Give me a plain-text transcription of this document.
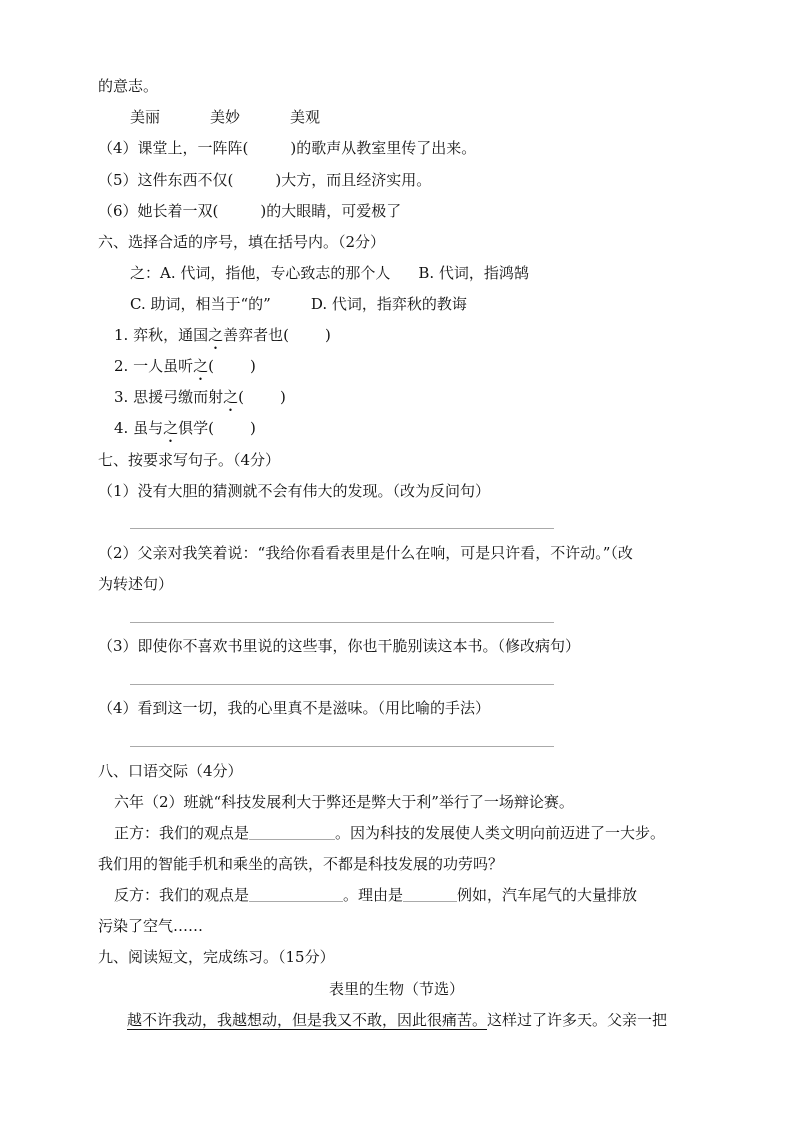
的意志。
美丽	美妙	美观
（4）课堂上，一阵阵(	)的歌声从教室里传了出来。
（5）这件东西不仅(	)大方，而且经济实用。
（6）她长着一双(	)的大眼睛，可爱极了
六、选择合适的序号，填在括号内。（2分）
之：A. 代词，指他，专心致志的那个人 B. 代词，指鸿鹄
C. 助词，相当于“的”	D. 代词，指弈秋的教诲
1. 弈秋，通国之善弈者也( )
2. 一人虽听之( )
3. 思援弓缴而射之( )
4. 虽与之俱学( )
七、按要求写句子。（4分）
（1）没有大胆的猜测就不会有伟大的发现。（改为反问句）
（2）父亲对我笑着说：“我给你看看表里是什么在响，可是只许看，不许动。”（改
为转述句）
（3）即使你不喜欢书里说的这些事，你也干脆别读这本书。（修改病句）
（4）看到这一切，我的心里真不是滋味。（用比喻的手法）
八、口语交际（4分）
六年（2）班就“科技发展利大于弊还是弊大于利”举行了一场辩论赛。
正方：我们的观点是	。因为科技的发展使人类文明向前迈进了一大步。
我们用的智能手机和乘坐的高铁，不都是科技发展的功劳吗？
反方：我们的观点是	。理由是	例如，汽车尾气的大量排放
污染了空气……
九、阅读短文，完成练习。（15分）
表里的生物（节选）
越不许我动，我越想动，但是我又不敢，因此很痛苦。这样过了许多天。父亲一把
